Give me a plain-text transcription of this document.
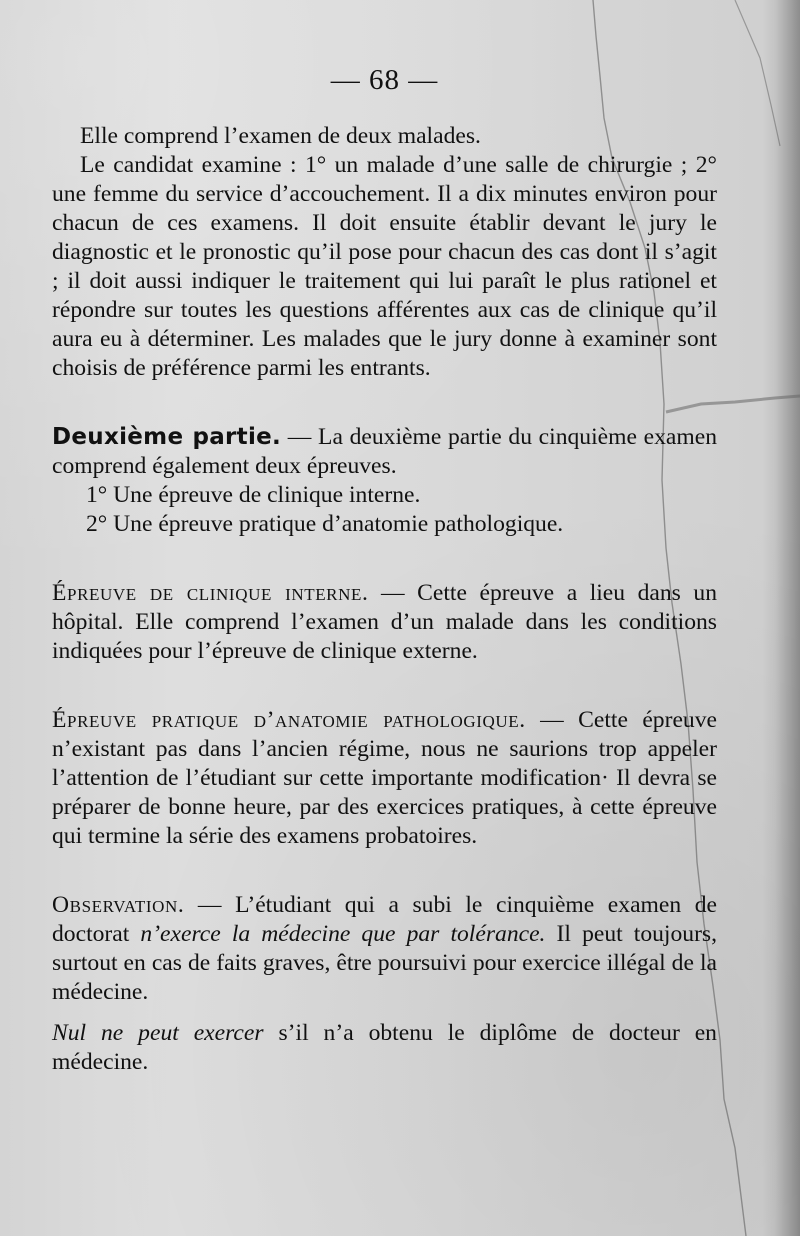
— 68 —

Elle comprend l’examen de deux malades.

Le candidat examine : 1° un malade d’une salle de chirurgie ; 2° une femme du service d’accouchement. Il a dix minutes environ pour chacun de ces examens. Il doit ensuite établir devant le jury le diagnostic et le pronostic qu’il pose pour chacun des cas dont il s’agit ; il doit aussi indiquer le traitement qui lui paraît le plus rationel et répondre sur toutes les questions afférentes aux cas de clinique qu’il aura eu à déterminer. Les malades que le jury donne à examiner sont choisis de préférence parmi les entrants.

Deuxième partie. — La deuxième partie du cinquième examen comprend également deux épreuves.

1° Une épreuve de clinique interne.

2° Une épreuve pratique d’anatomie pathologique.

Épreuve de clinique interne. — Cette épreuve a lieu dans un hôpital. Elle comprend l’examen d’un malade dans les conditions indiquées pour l’épreuve de clinique externe.

Épreuve pratique d’anatomie pathologique. — Cette épreuve n’existant pas dans l’ancien régime, nous ne saurions trop appeler l’attention de l’étudiant sur cette importante modification· Il devra se préparer de bonne heure, par des exercices pratiques, à cette épreuve qui termine la série des examens probatoires.

Observation. — L’étudiant qui a subi le cinquième examen de doctorat n’exerce la médecine que par tolérance. Il peut toujours, surtout en cas de faits graves, être poursuivi pour exercice illégal de la médecine.

Nul ne peut exercer s’il n’a obtenu le diplôme de docteur en médecine.
